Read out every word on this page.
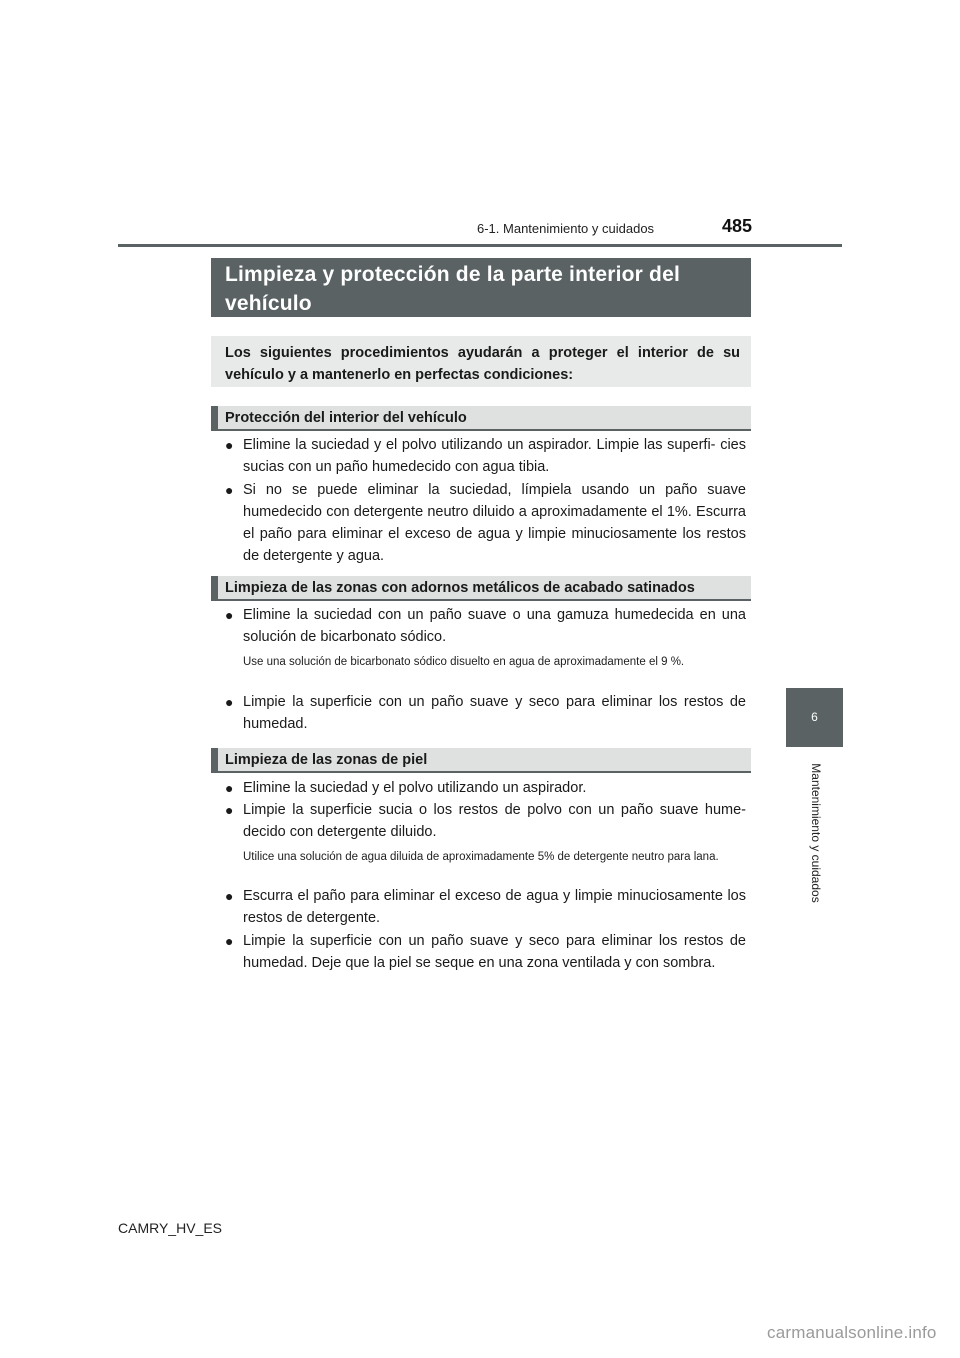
6-1. Mantenimiento y cuidados	485
Limpieza y protección de la parte interior del
vehículo
Los siguientes procedimientos ayudarán a proteger el interior de su vehículo y a mantenerlo en perfectas condiciones:
Protección del interior del vehículo
● Elimine la suciedad y el polvo utilizando un aspirador. Limpie las superfi- cies sucias con un paño humedecido con agua tibia.
● Si no se puede eliminar la suciedad, límpiela usando un paño suave humedecido con detergente neutro diluido a aproximadamente el 1%. Escurra el paño para eliminar el exceso de agua y limpie minuciosamente los restos de detergente y agua.
Limpieza de las zonas con adornos metálicos de acabado satinados
● Elimine la suciedad con un paño suave o una gamuza humedecida en una solución de bicarbonato sódico.
Use una solución de bicarbonato sódico disuelto en agua de aproximadamente el 9 %.
● Limpie la superficie con un paño suave y seco para eliminar los restos de humedad.
Limpieza de las zonas de piel
● Elimine la suciedad y el polvo utilizando un aspirador.
● Limpie la superficie sucia o los restos de polvo con un paño suave hume- decido con detergente diluido.
Utilice una solución de agua diluida de aproximadamente 5% de detergente neutro para lana.
● Escurra el paño para eliminar el exceso de agua y limpie minuciosamente los restos de detergente.
● Limpie la superficie con un paño suave y seco para eliminar los restos de humedad. Deje que la piel se seque en una zona ventilada y con sombra.
6
Mantenimiento y cuidados
CAMRY_HV_ES
carmanualsonline.info
